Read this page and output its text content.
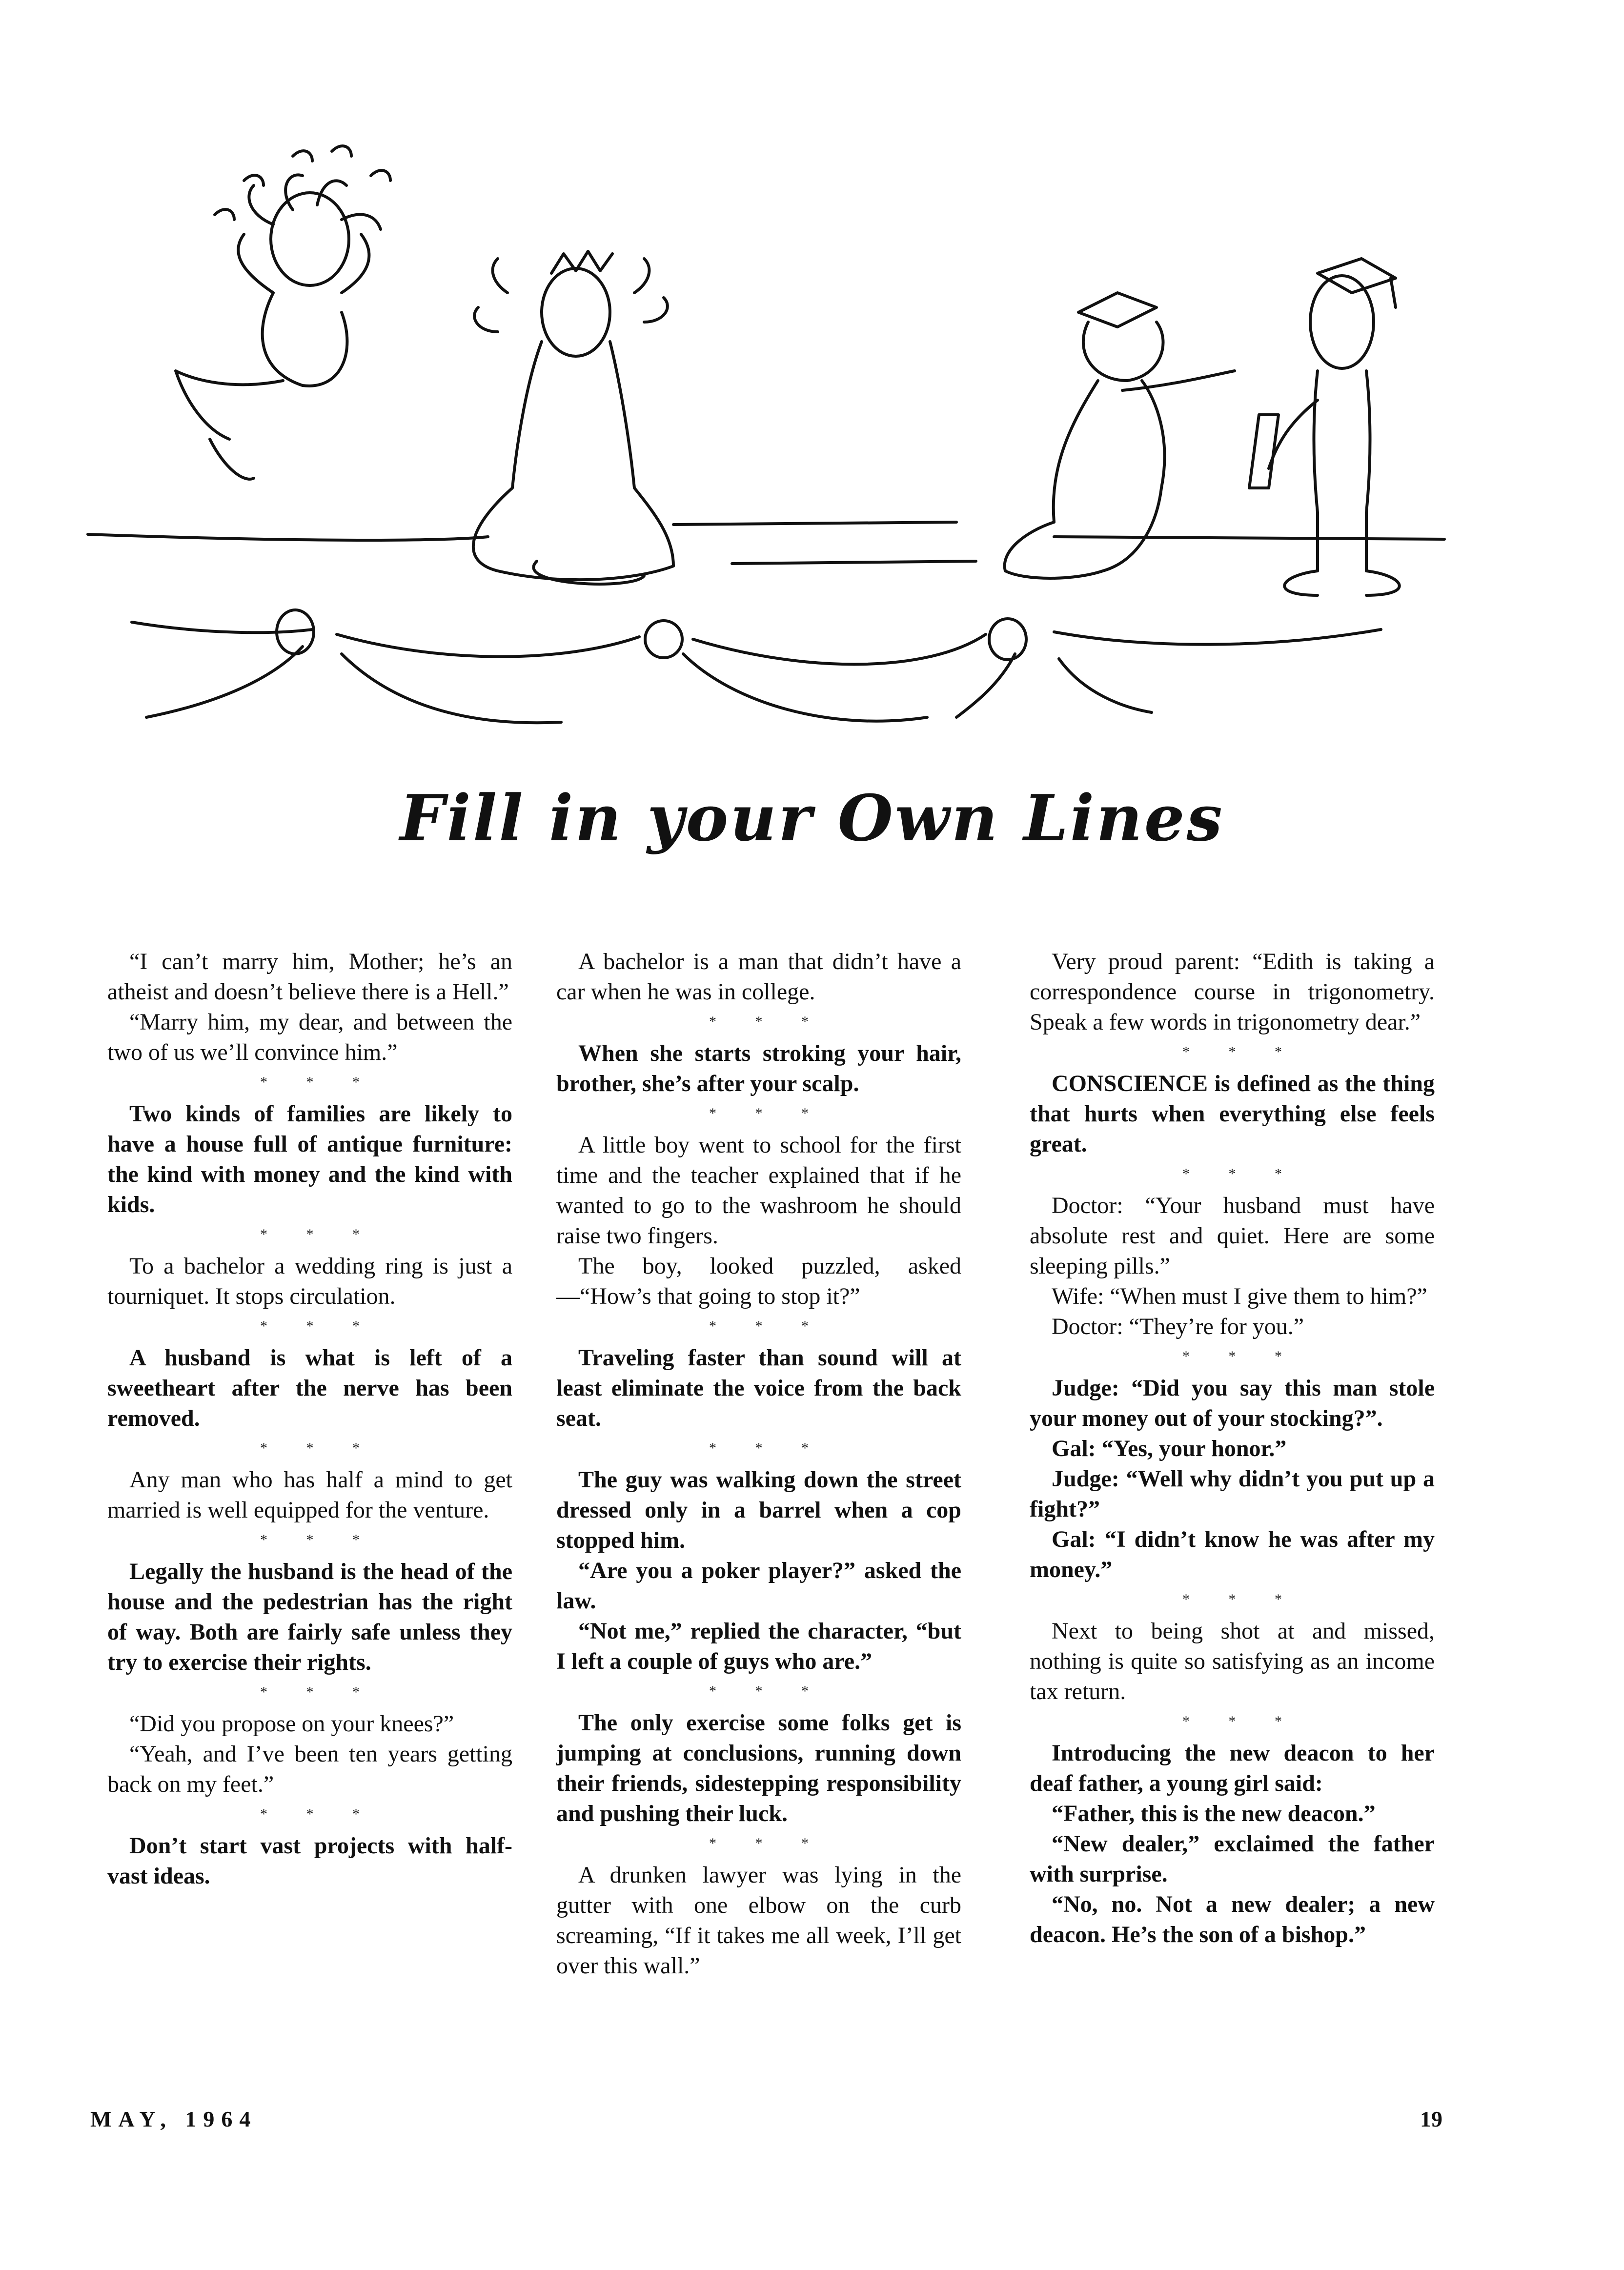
Fill in your Own Lines

“I can’t marry him, Mother; he’s an atheist and doesn’t believe there is a Hell.”

“Marry him, my dear, and between the two of us we’ll convince him.”

* * *

Two kinds of families are likely to have a house full of antique furniture: the kind with money and the kind with kids.

* * *

To a bachelor a wedding ring is just a tourniquet. It stops circulation.

* * *

A husband is what is left of a sweetheart after the nerve has been removed.

* * *

Any man who has half a mind to get married is well equipped for the venture.

* * *

Legally the husband is the head of the house and the pedestrian has the right of way. Both are fairly safe unless they try to exercise their rights.

* * *

“Did you propose on your knees?”

“Yeah, and I’ve been ten years getting back on my feet.”

* * *

Don’t start vast projects with half-vast ideas.

A bachelor is a man that didn’t have a car when he was in college.

* * *

When she starts stroking your hair, brother, she’s after your scalp.

* * *

A little boy went to school for the first time and the teacher explained that if he wanted to go to the washroom he should raise two fingers.

The boy, looked puzzled, asked —“How’s that going to stop it?”

* * *

Traveling faster than sound will at least eliminate the voice from the back seat.

* * *

The guy was walking down the street dressed only in a barrel when a cop stopped him.

“Are you a poker player?” asked the law.

“Not me,” replied the character, “but I left a couple of guys who are.”

* * *

The only exercise some folks get is jumping at conclusions, running down their friends, sidestepping responsibility and pushing their luck.

* * *

A drunken lawyer was lying in the gutter with one elbow on the curb screaming, “If it takes me all week, I’ll get over this wall.”

Very proud parent: “Edith is taking a correspondence course in trigonometry. Speak a few words in trigonometry dear.”

* * *

CONSCIENCE is defined as the thing that hurts when everything else feels great.

* * *

Doctor: “Your husband must have absolute rest and quiet. Here are some sleeping pills.”

Wife: “When must I give them to him?”

Doctor: “They’re for you.”

* * *

Judge: “Did you say this man stole your money out of your stocking?”.

Gal: “Yes, your honor.”

Judge: “Well why didn’t you put up a fight?”

Gal: “I didn’t know he was after my money.”

* * *

Next to being shot at and missed, nothing is quite so satisfying as an income tax return.

* * *

Introducing the new deacon to her deaf father, a young girl said:

“Father, this is the new deacon.”

“New dealer,” exclaimed the father with surprise.

“No, no. Not a new dealer; a new deacon. He’s the son of a bishop.”

MAY, 1964	19
